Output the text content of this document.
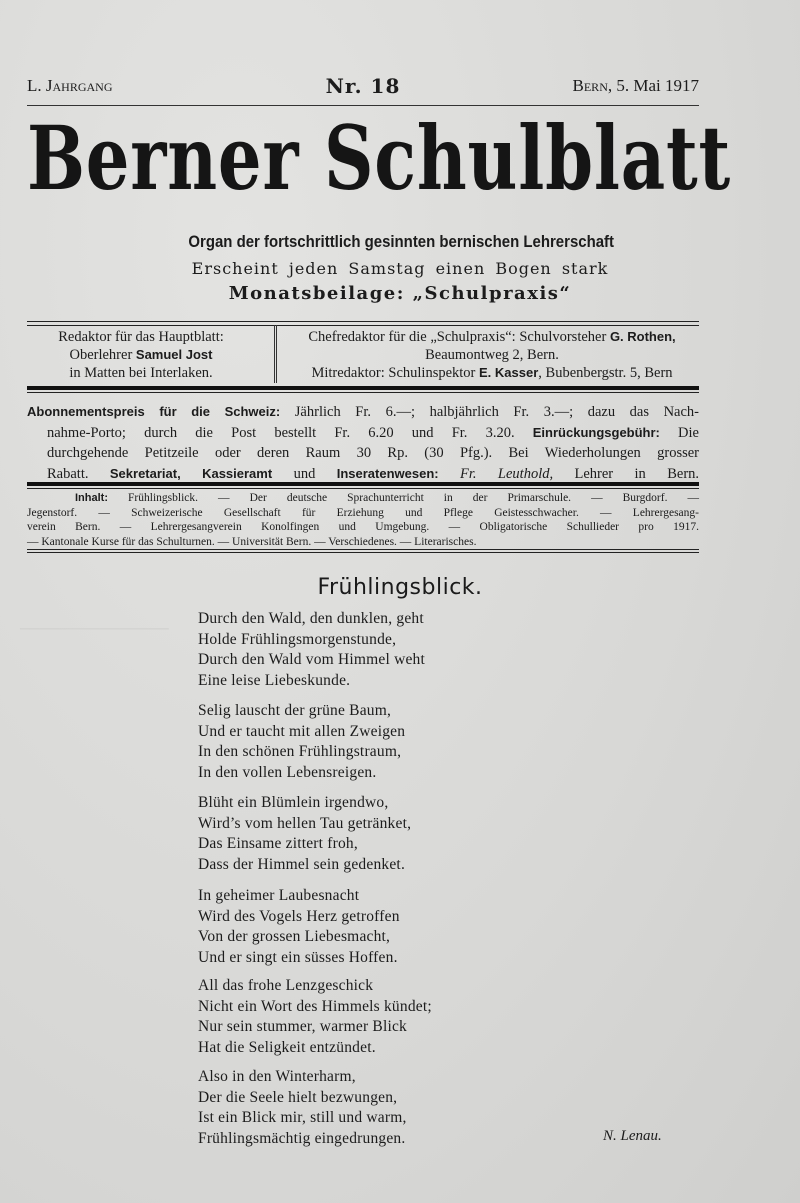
L. Jahrgang	Nr. 18	Bern, 5. Mai 1917
Berner Schulblatt
Organ der fortschrittlich gesinnten bernischen Lehrerschaft
Erscheint jeden Samstag einen Bogen stark
Monatsbeilage: „Schulpraxis“
Redaktor für das Hauptblatt:
Oberlehrer Samuel Jost
in Matten bei Interlaken.
Chefredaktor für die „Schulpraxis“: Schulvorsteher G. Rothen,
Beaumontweg 2, Bern.
Mitredaktor: Schulinspektor E. Kasser, Bubenbergstr. 5, Bern
Abonnementspreis für die Schweiz: Jährlich Fr. 6.—; halbjährlich Fr. 3.—; dazu das Nach-
nahme-Porto; durch die Post bestellt Fr. 6.20 und Fr. 3.20. Einrückungsgebühr: Die
durchgehende Petitzeile oder deren Raum 30 Rp. (30 Pfg.). Bei Wiederholungen grosser
Rabatt. Sekretariat, Kassieramt und Inseratenwesen: Fr. Leuthold, Lehrer in Bern.
Inhalt: Frühlingsblick. — Der deutsche Sprachunterricht in der Primarschule. — Burgdorf. —
Jegenstorf. — Schweizerische Gesellschaft für Erziehung und Pflege Geistesschwacher. — Lehrergesang-
verein Bern. — Lehrergesangverein Konolfingen und Umgebung. — Obligatorische Schullieder pro 1917.
— Kantonale Kurse für das Schulturnen. — Universität Bern. — Verschiedenes. — Literarisches.
───────────────
Frühlingsblick.
Durch den Wald, den dunklen, geht
Holde Frühlingsmorgenstunde,
Durch den Wald vom Himmel weht
Eine leise Liebeskunde.
Selig lauscht der grüne Baum,
Und er taucht mit allen Zweigen
In den schönen Frühlingstraum,
In den vollen Lebensreigen.
Blüht ein Blümlein irgendwo,
Wird’s vom hellen Tau getränket,
Das Einsame zittert froh,
Dass der Himmel sein gedenket.
In geheimer Laubesnacht
Wird des Vogels Herz getroffen
Von der grossen Liebesmacht,
Und er singt ein süsses Hoffen.
All das frohe Lenzgeschick
Nicht ein Wort des Himmels kündet;
Nur sein stummer, warmer Blick
Hat die Seligkeit entzündet.
Also in den Winterharm,
Der die Seele hielt bezwungen,
Ist ein Blick mir, still und warm,
Frühlingsmächtig eingedrungen.	N. Lenau.
